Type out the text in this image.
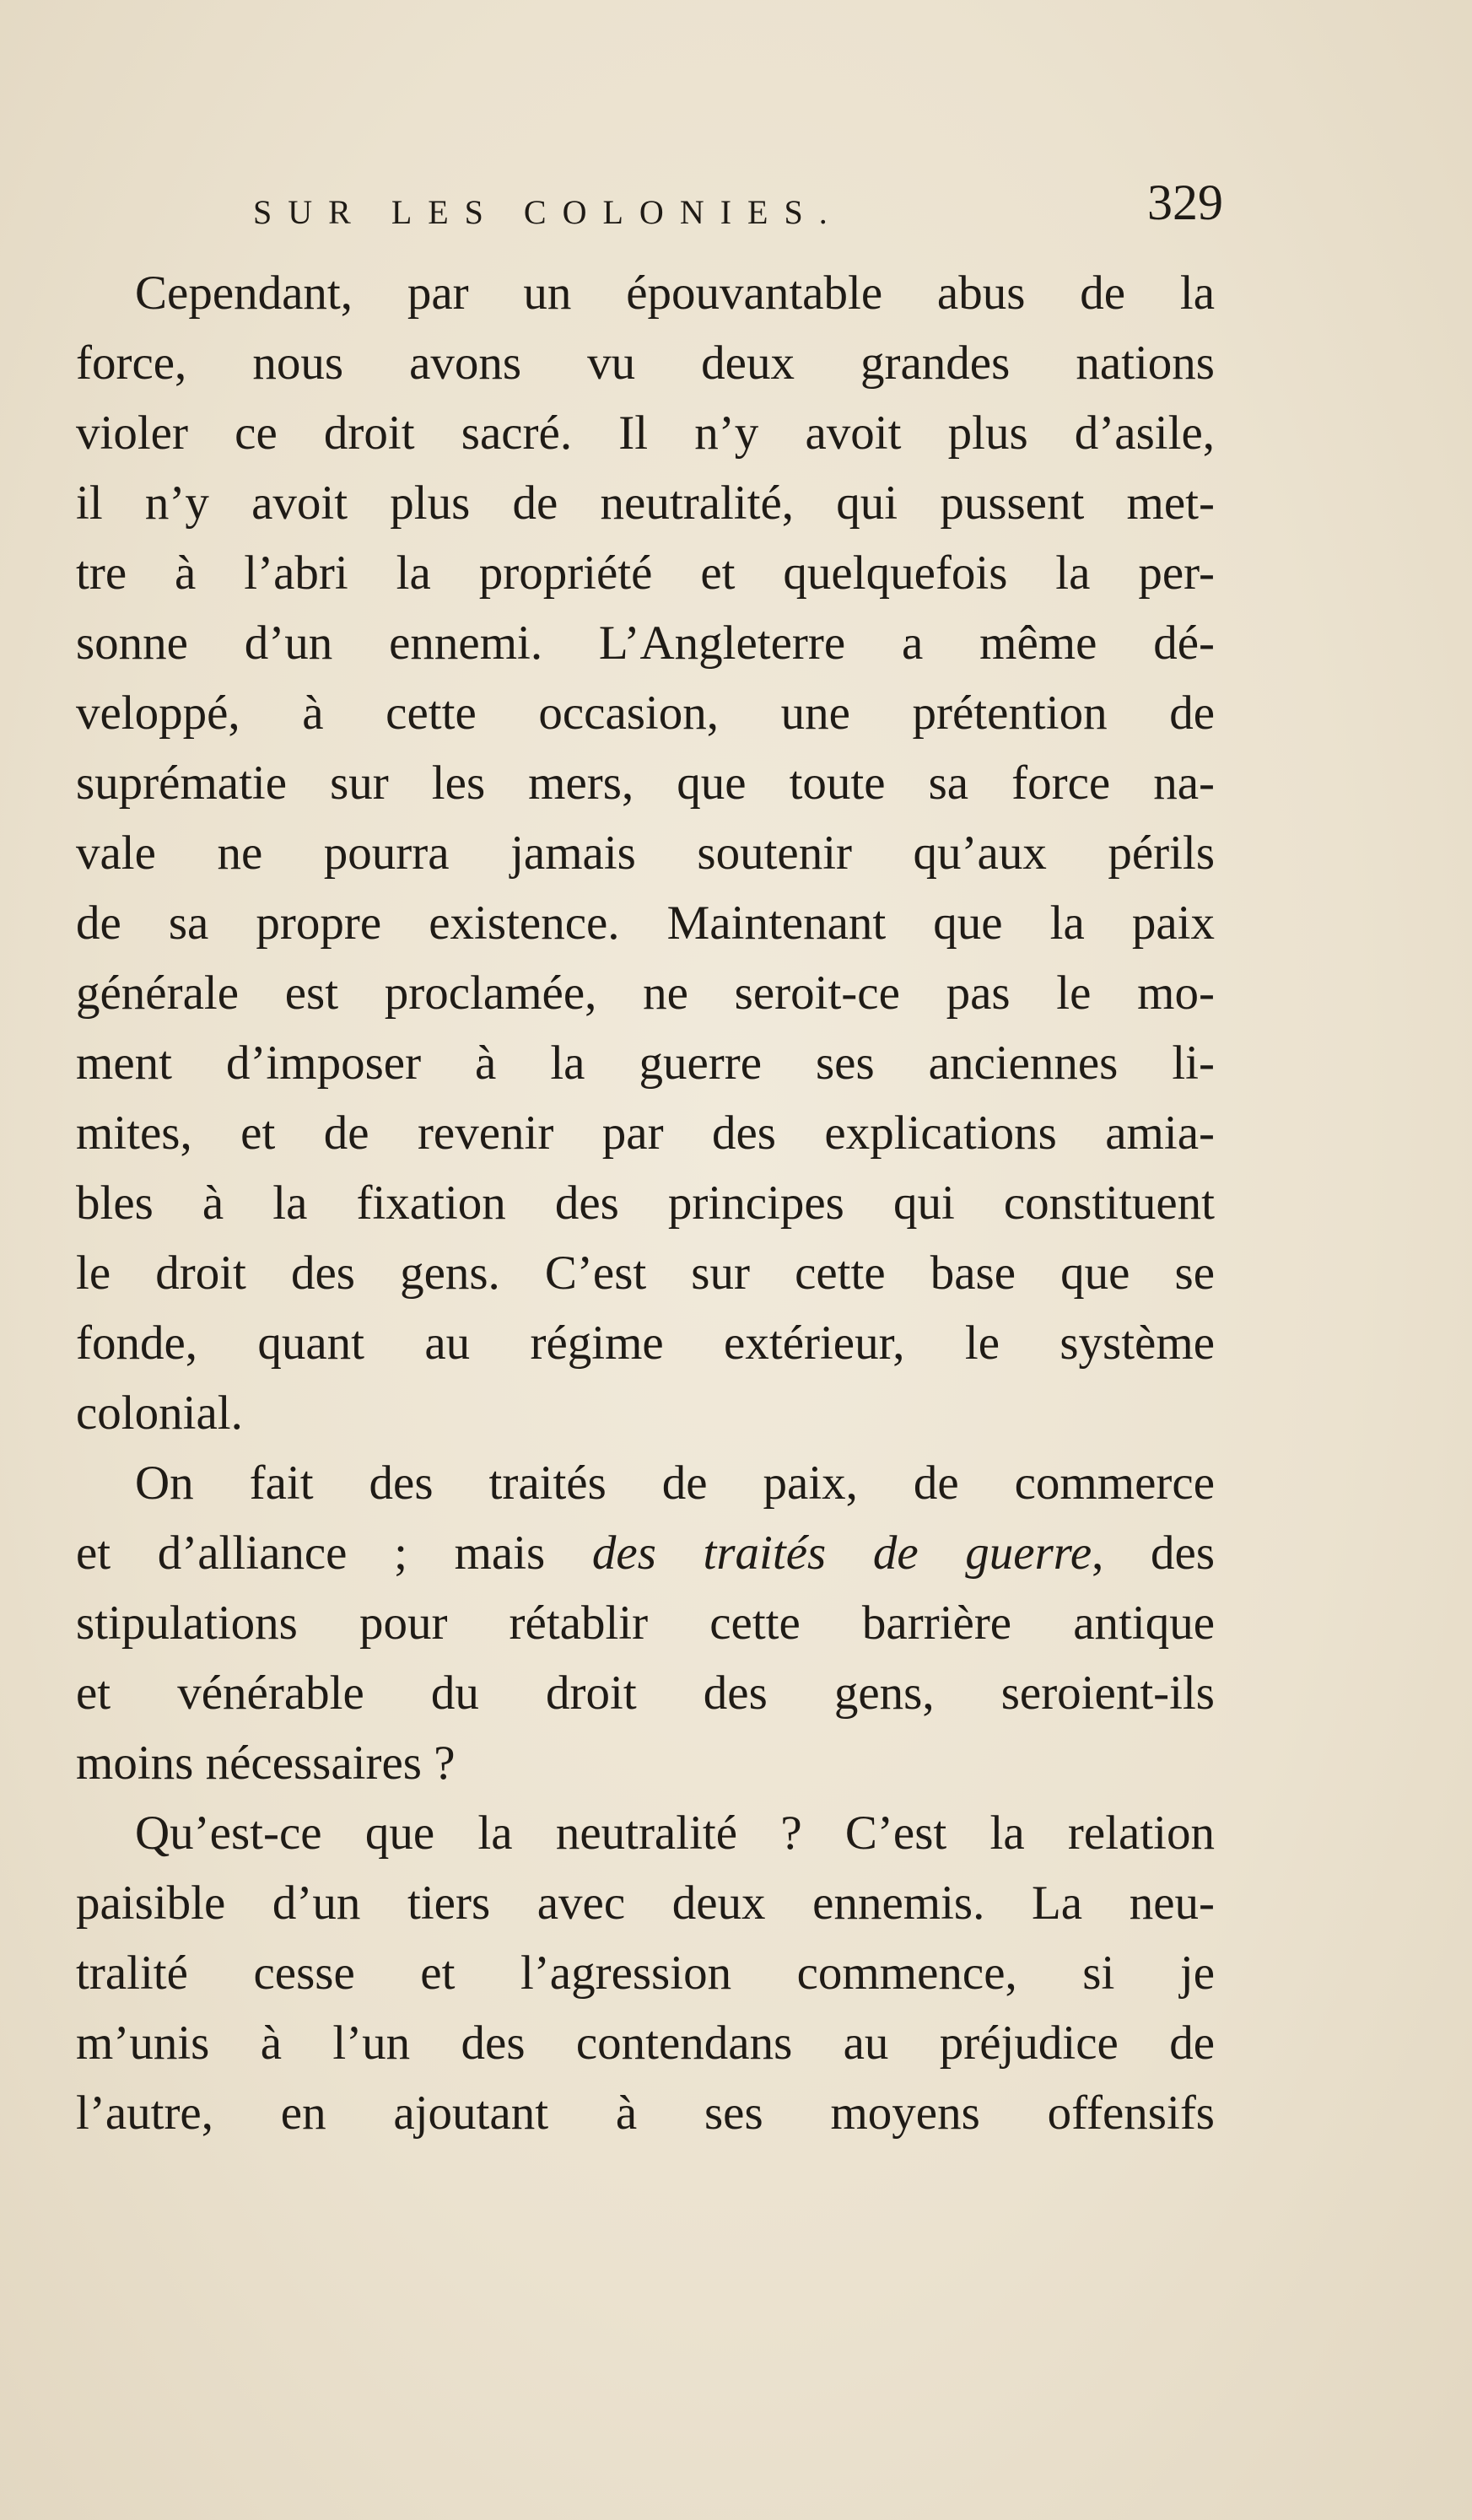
SUR LES COLONIES.	329
Cependant, par un épouvantable abus de la
force, nous avons vu deux grandes nations
violer ce droit sacré. Il n’y avoit plus d’asile,
il n’y avoit plus de neutralité, qui pussent met-
tre à l’abri la propriété et quelquefois la per-
sonne d’un ennemi. L’Angleterre a même dé-
veloppé, à cette occasion, une prétention de
suprématie sur les mers, que toute sa force na-
vale ne pourra jamais soutenir qu’aux périls
de sa propre existence. Maintenant que la paix
générale est proclamée, ne seroit-ce pas le mo-
ment d’imposer à la guerre ses anciennes li-
mites, et de revenir par des explications amia-
bles à la fixation des principes qui constituent
le droit des gens. C’est sur cette base que se
fonde, quant au régime extérieur, le système
colonial.
On fait des traités de paix, de commerce
et d’alliance ; mais des traités de guerre, des
stipulations pour rétablir cette barrière antique
et vénérable du droit des gens, seroient-ils
moins nécessaires ?
Qu’est-ce que la neutralité ? C’est la relation
paisible d’un tiers avec deux ennemis. La neu-
tralité cesse et l’agression commence, si je
m’unis à l’un des contendans au préjudice de
l’autre, en ajoutant à ses moyens offensifs
